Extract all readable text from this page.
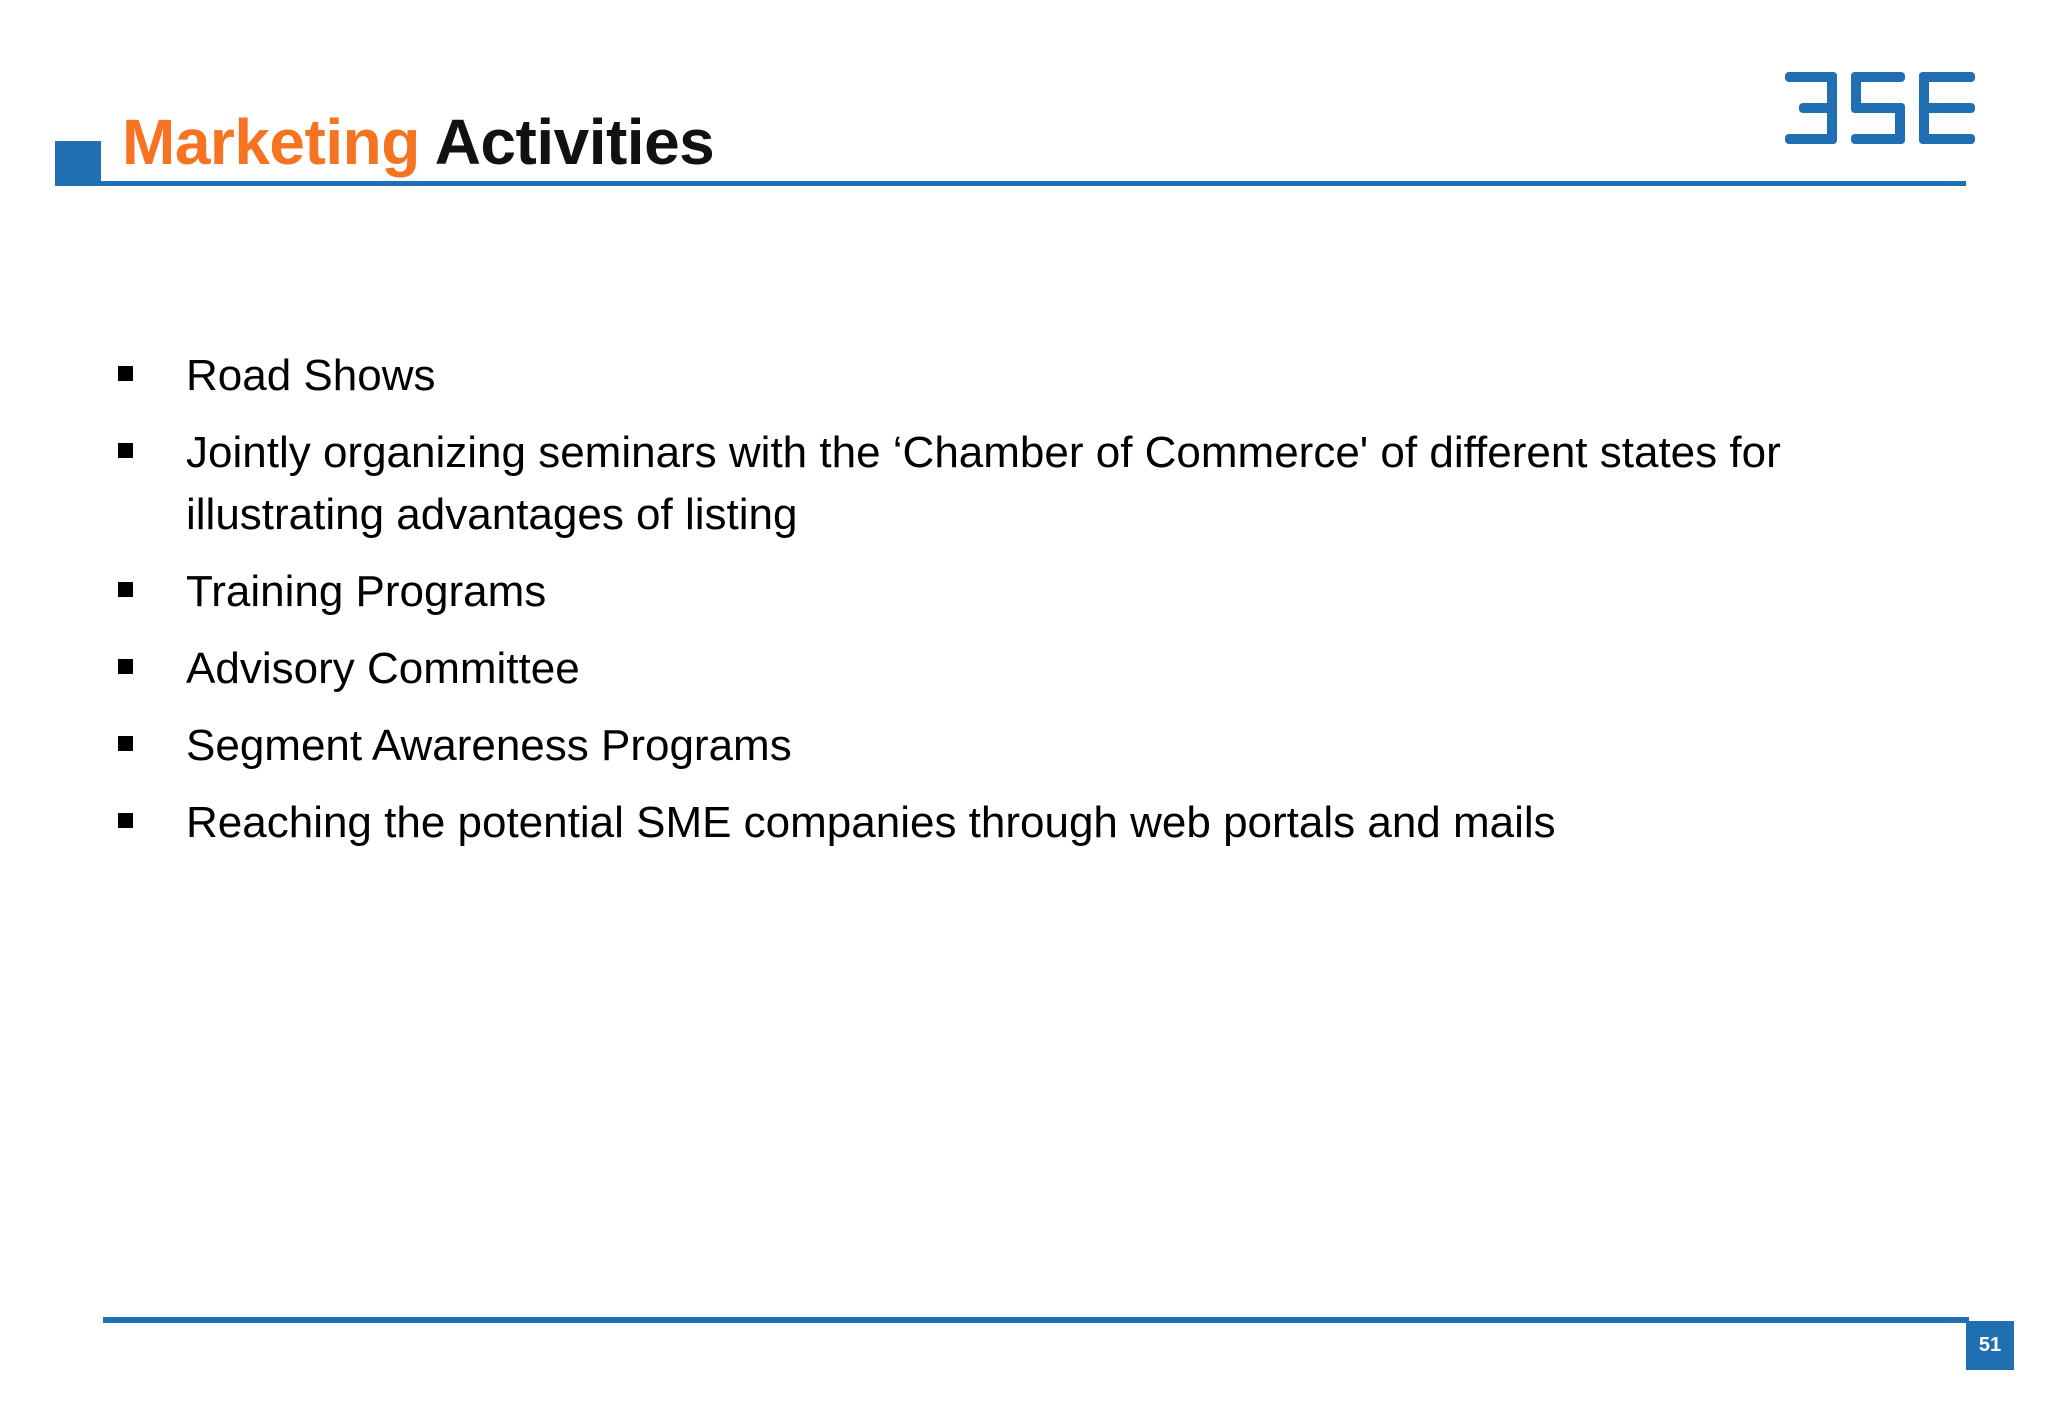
Marketing Activities
Road Shows
Jointly organizing seminars with the ‘Chamber of Commerce' of different states for illustrating advantages of listing
Training Programs
Advisory Committee
Segment Awareness Programs
Reaching the potential SME companies through web portals and mails
51
